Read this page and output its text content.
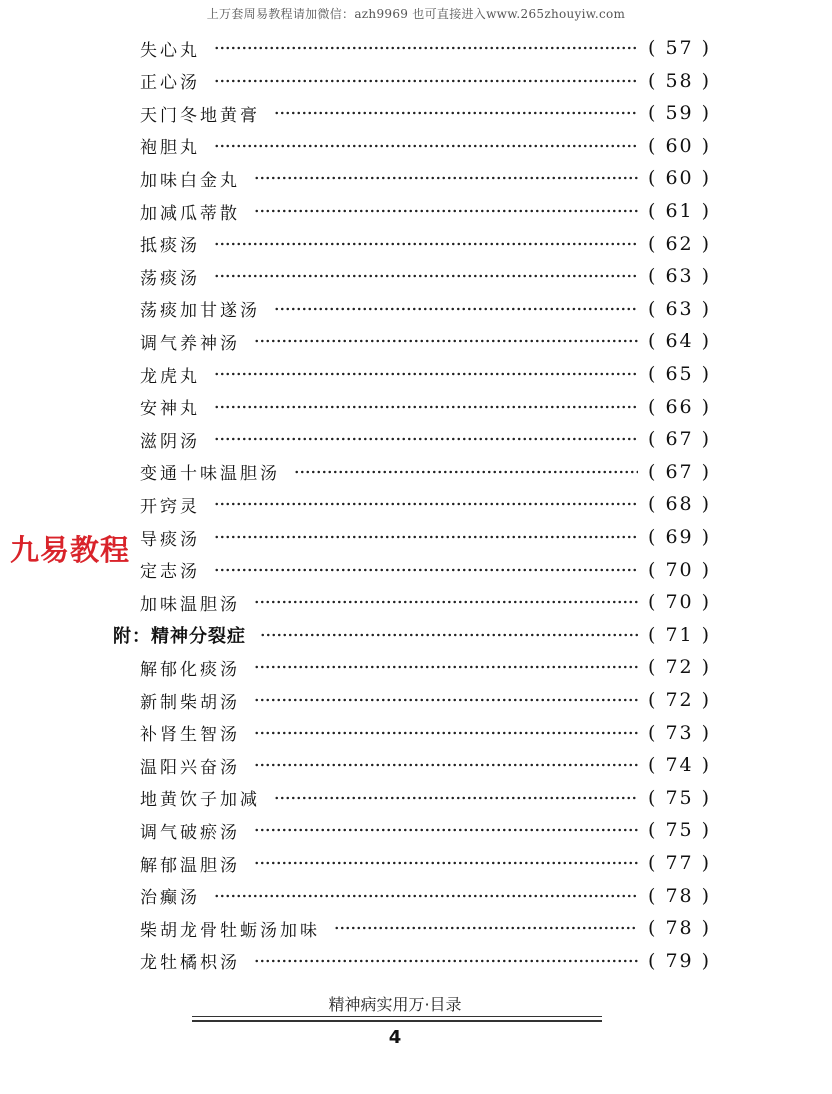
上万套周易教程请加微信：azh9969 也可直接进入www.265zhouyiw.com
失心丸	( 57 )
正心汤	( 58 )
天门冬地黄膏	( 59 )
袍胆丸	( 60 )
加味白金丸	( 60 )
加减瓜蒂散	( 61 )
抵痰汤	( 62 )
荡痰汤	( 63 )
荡痰加甘遂汤	( 63 )
调气养神汤	( 64 )
龙虎丸	( 65 )
安神丸	( 66 )
滋阴汤	( 67 )
变通十味温胆汤	( 67 )
开窍灵	( 68 )
导痰汤	( 69 )
定志汤	( 70 )
加味温胆汤	( 70 )
附：精神分裂症	( 71 )
解郁化痰汤	( 72 )
新制柴胡汤	( 72 )
补肾生智汤	( 73 )
温阳兴奋汤	( 74 )
地黄饮子加减	( 75 )
调气破瘀汤	( 75 )
解郁温胆汤	( 77 )
治癫汤	( 78 )
柴胡龙骨牡蛎汤加味	( 78 )
龙牡橘枳汤	( 79 )
九易教程
精神病实用万·目录
4
